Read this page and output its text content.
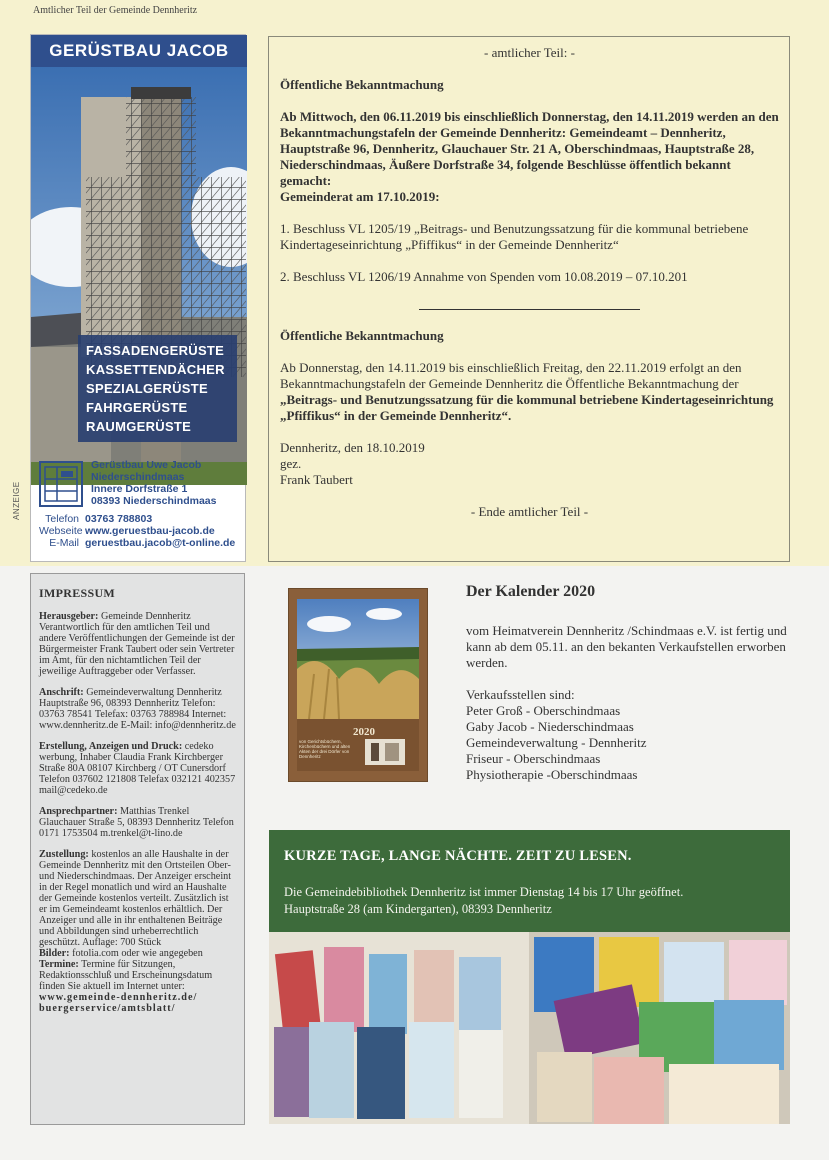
Amtlicher Teil der Gemeinde Dennheritz
ANZEIGE
GERÜSTBAU JACOB
FASSADENGERÜSTE
KASSETTENDÄCHER
SPEZIALGERÜSTE
FAHRGERÜSTE
RAUMGERÜSTE
Gerüstbau Uwe Jacob
Niederschindmaas
Innere Dorfstraße 1
08393 Niederschindmaas
Telefon 03763 788803
Webseite www.geruestbau-jacob.de
E-Mail geruestbau.jacob@t-online.de

- amtlicher Teil: -

Öffentliche Bekanntmachung

Ab Mittwoch, den 06.11.2019 bis einschließlich Donnerstag, den 14.11.2019 werden an den Bekanntmachungstafeln der Gemeinde Dennheritz: Gemeindeamt – Dennheritz, Hauptstraße 96, Dennheritz, Glauchauer Str. 21 A, Oberschindmaas, Hauptstraße 28, Niederschindmaas, Äußere Dorfstraße 34, folgende Beschlüsse öffentlich bekannt gemacht:

Gemeinderat am 17.10.2019:

1. Beschluss VL 1205/19 „Beitrags- und Benutzungssatzung für die kommunal betriebene Kindertageseinrichtung „Pfiffikus“ in der Gemeinde Dennheritz“

2. Beschluss VL 1206/19 Annahme von Spenden vom 10.08.2019 – 07.10.201

Öffentliche Bekanntmachung

Ab Donnerstag, den 14.11.2019 bis einschließlich Freitag, den 22.11.2019 erfolgt an den Bekanntmachungstafeln der Gemeinde Dennheritz die Öffentliche Bekanntmachung der „Beitrags- und Benutzungssatzung für die kommunal betriebene Kindertageseinrichtung „Pfiffikus“ in der Gemeinde Dennheritz“.

Dennheritz, den 18.10.2019

gez.

Frank Taubert

- Ende amtlicher Teil -

IMPRESSUM
Herausgeber: Gemeinde Dennheritz Verantwortlich für den amtlichen Teil und andere Veröffentlichungen der Gemeinde ist der Bürgermeister Frank Taubert oder sein Vertreter im Amt, für den nichtamtlichen Teil der jeweilige Auftraggeber oder Verfasser.
Anschrift: Gemeindeverwaltung Dennheritz Hauptstraße 96, 08393 Dennheritz Telefon: 03763 78541 Telefax: 03763 788984 Internet: www.dennheritz.de E-Mail: info@dennheritz.de
Erstellung, Anzeigen und Druck: cedeko werbung, Inhaber Claudia Frank Kirchberger Straße 80A 08107 Kirchberg / OT Cunersdorf Telefon 037602 121808 Telefax 032121 402357 mail@cedeko.de
Ansprechpartner: Matthias Trenkel Glauchauer Straße 5, 08393 Dennheritz Telefon 0171 1753504 m.trenkel@t-lino.de
Zustellung: kostenlos an alle Haushalte in der Gemeinde Dennheritz mit den Ortsteilen Ober- und Niederschindmaas. Der Anzeiger erscheint in der Regel monatlich und wird an Haushalte der Gemeinde kostenlos verteilt. Zusätzlich ist er im Gemeindeamt kostenlos erhältlich. Der Anzeiger und alle in ihr enthaltenen Beiträge und Abbildungen sind urheberrechtlich geschützt. Auflage: 700 Stück
Bilder: fotolia.com oder wie angegeben
Termine: Termine für Sitzungen, Redaktionsschluß und Erscheinungsdatum finden Sie aktuell im Internet unter:
www.gemeinde-dennheritz.de/ buergerservice/amtsblatt/
2020
von Gerichtsbüchern, Kirchenbüchern und alten Akten der drei Dörfer von Dennheritz
Der Kalender 2020

vom Heimatverein Dennheritz /Schindmaas e.V. ist fertig und kann ab dem 05.11. an den bekanten Verkaufstellen erworben werden.

Verkaufsstellen sind:

Peter Groß - Oberschindmaas

Gaby Jacob - Niederschindmaas

Gemeindeverwaltung - Dennheritz

Friseur - Oberschindmaas

Physiotherapie -Oberschindmaas

KURZE TAGE, LANGE NÄCHTE. ZEIT ZU LESEN.

Die Gemeindebibliothek Dennheritz ist immer Dienstag 14 bis 17 Uhr geöffnet.
Hauptstraße 28 (am Kindergarten), 08393 Dennheritz
